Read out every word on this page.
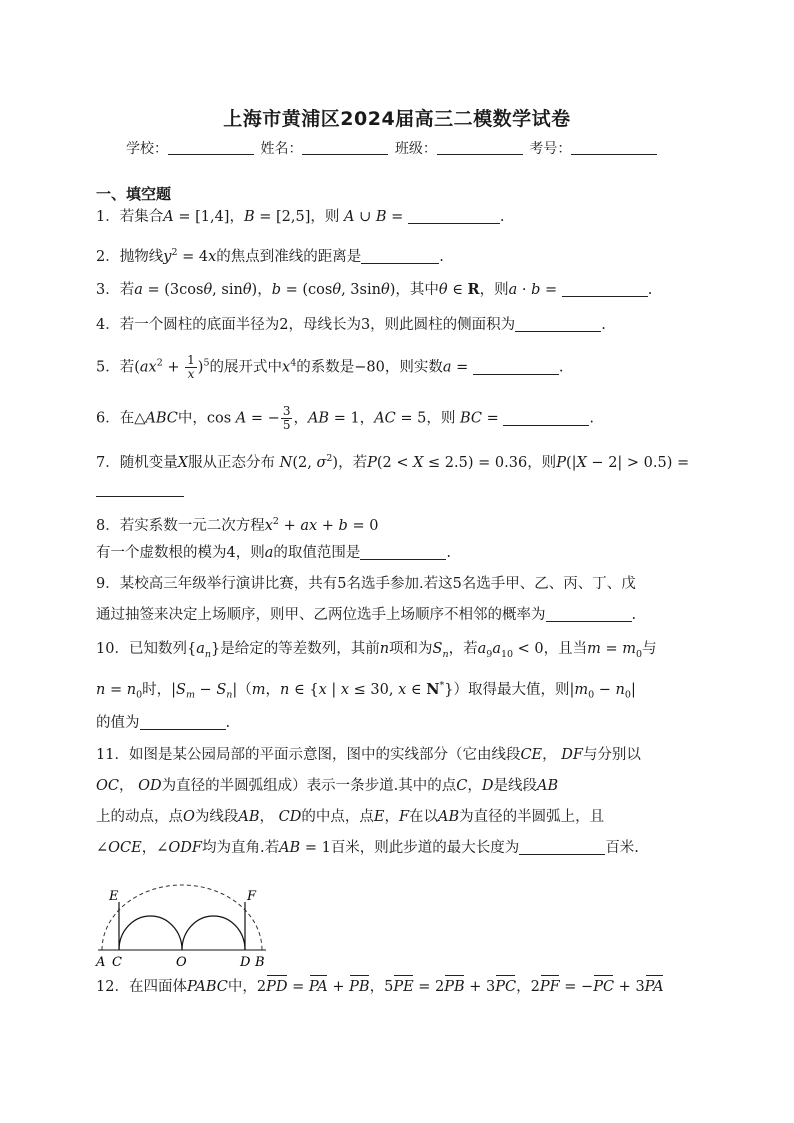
上海市黄浦区2024届高三二模数学试卷
学校：	姓名：	班级：	考号：
一、填空题
1．若集合A = [1,4]，B = [2,5]，则 A ∪ B =	.
2．抛物线$y^2 = 4x$的焦点到准线的距离是	.
3．若a = (3cosθ, sinθ)，b = (cosθ, 3sinθ)，其中θ ∈ R，则a · b =	.
4．若一个圆柱的底面半径为2，母线长为3，则此圆柱的侧面积为	.
5．若$(ax^2 + \frac{1}{x} )^5$的展开式中$x^4$的系数是−80，则实数a =	.
6．在△ABC中，cos A = − $\frac{3}{5}$ ，AB = 1，AC = 5，则 BC =	.
7．随机变量X服从正态分布 N(2, $\sigma^2$)，若P(2 < X ≤ 2.5) = 0.36，则P(|X − 2| > 0.5) =
8．若实系数一元二次方程$x^2$ + ax + b = 0
有一个虚数根的模为4，则a的取值范围是	.
9．某校高三年级举行演讲比赛，共有5名选手参加.若这5名选手甲、乙、丙、丁、戊
通过抽签来决定上场顺序，则甲、乙两位选手上场顺序不相邻的概率为	.
10．已知数列$\{a_n\}$是给定的等差数列，其前n项和为$S_n$，若$a_9a_{10} < 0$，且当$m = m_0$与
$n = n_0$时，$|S_m - S_n|(m$，n ∈ {x | x ≤ 30, x ∈ N*}）取得最大值，则$|m_0 - n_0|$
的值为	.
11．如图是某公园局部的平面示意图，图中的实线部分（它由线段CE， DF与分别以
OC， OD为直径的半圆弧组成）表示一条步道.其中的点C，D是线段AB
上的动点，点O为线段AB， CD的中点，点E，F在以AB为直径的半圆弧上，且
∠OCE，∠ODF均为直角.若AB = 1百米，则此步道的最大长度为	百米.
E	F
A C	O	D B
12．在四面体PABC中，2PD = PA + PB，5PE = 2PB + 3PC，2PF = −PC + 3PA
